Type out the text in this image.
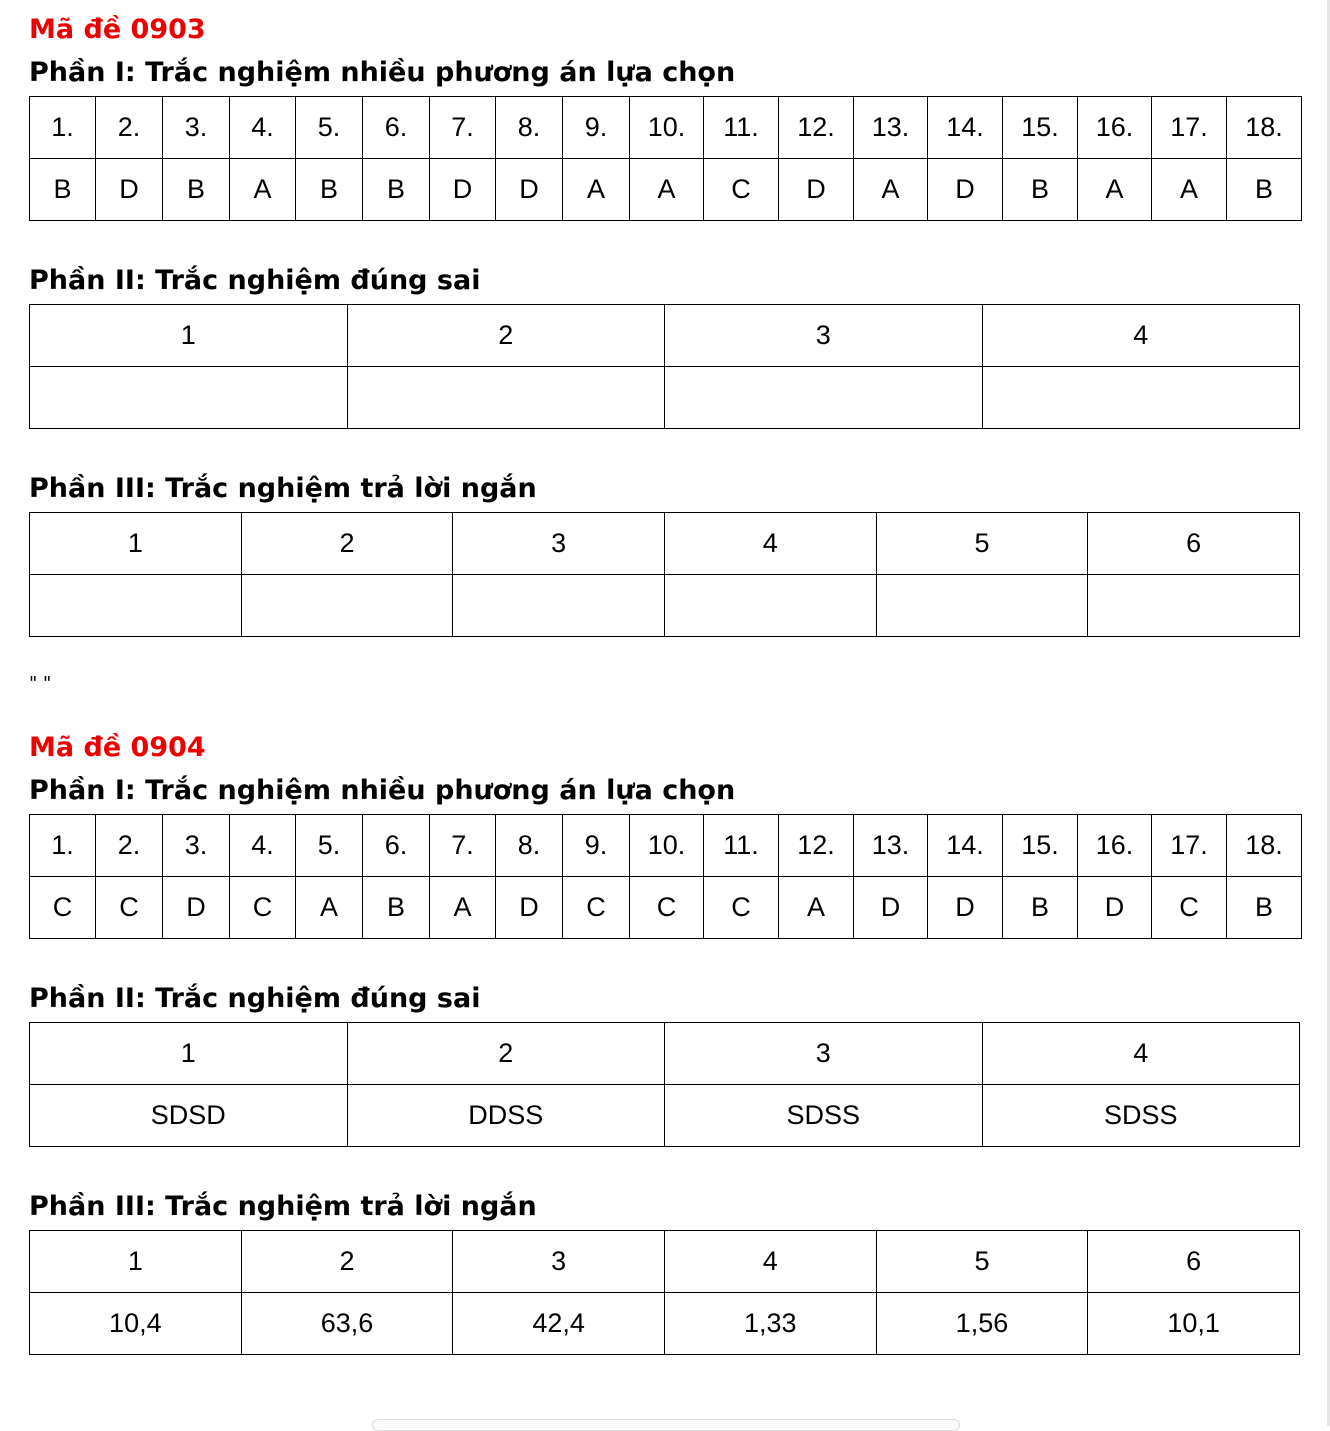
Mã đề 0903
Phần I: Trắc nghiệm nhiều phương án lựa chọn
1.	2.	3.	4.	5.	6.	7.	8.	9.	10.	11.	12.	13.	14.	15.	16.	17.	18.
B	D	B	A	B	B	D	D	A	A	C	D	A	D	B	A	A	B
Phần II: Trắc nghiệm đúng sai
1	2	3	4

Phần III: Trắc nghiệm trả lời ngắn
1	2	3	4	5	6

" "
Mã đề 0904
Phần I: Trắc nghiệm nhiều phương án lựa chọn
1.	2.	3.	4.	5.	6.	7.	8.	9.	10.	11.	12.	13.	14.	15.	16.	17.	18.
C	C	D	C	A	B	A	D	C	C	C	A	D	D	B	D	C	B
Phần II: Trắc nghiệm đúng sai
1	2	3	4
SDSD	DDSS	SDSS	SDSS
Phần III: Trắc nghiệm trả lời ngắn
1	2	3	4	5	6
10,4	63,6	42,4	1,33	1,56	10,1
